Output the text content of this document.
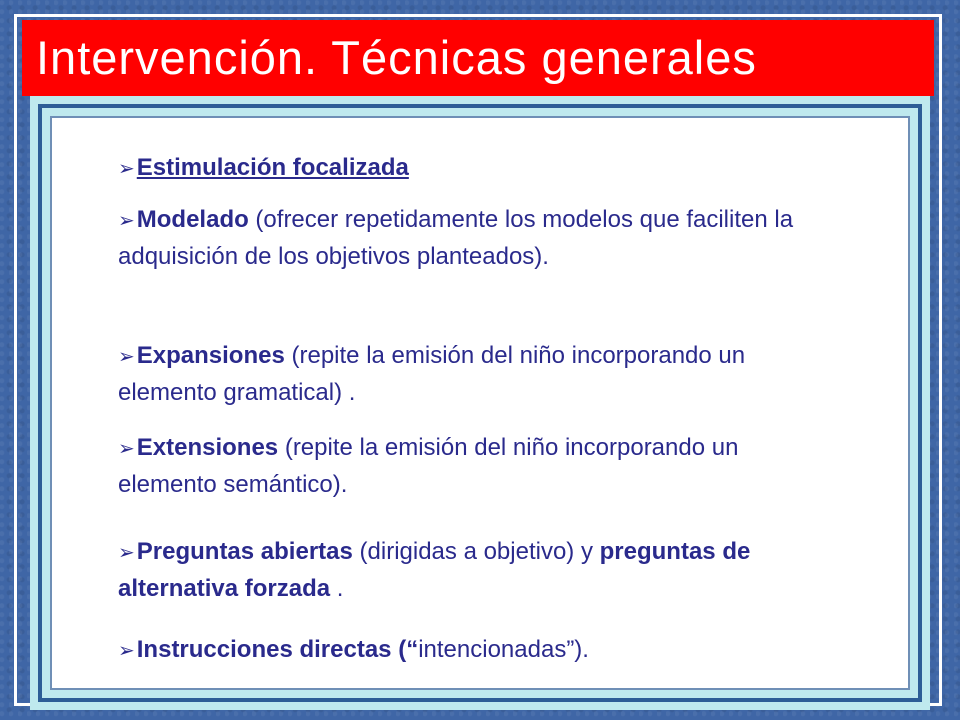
Intervención. Técnicas generales
➢Estimulación focalizada
➢Modelado (ofrecer repetidamente los modelos que faciliten la adquisición de los objetivos planteados).
➢Expansiones (repite la emisión del niño incorporando un elemento gramatical) .
➢Extensiones (repite la emisión del niño incorporando un elemento semántico).
➢Preguntas abiertas (dirigidas a objetivo) y preguntas de alternativa forzada .
➢Instrucciones directas (“intencionadas”).
